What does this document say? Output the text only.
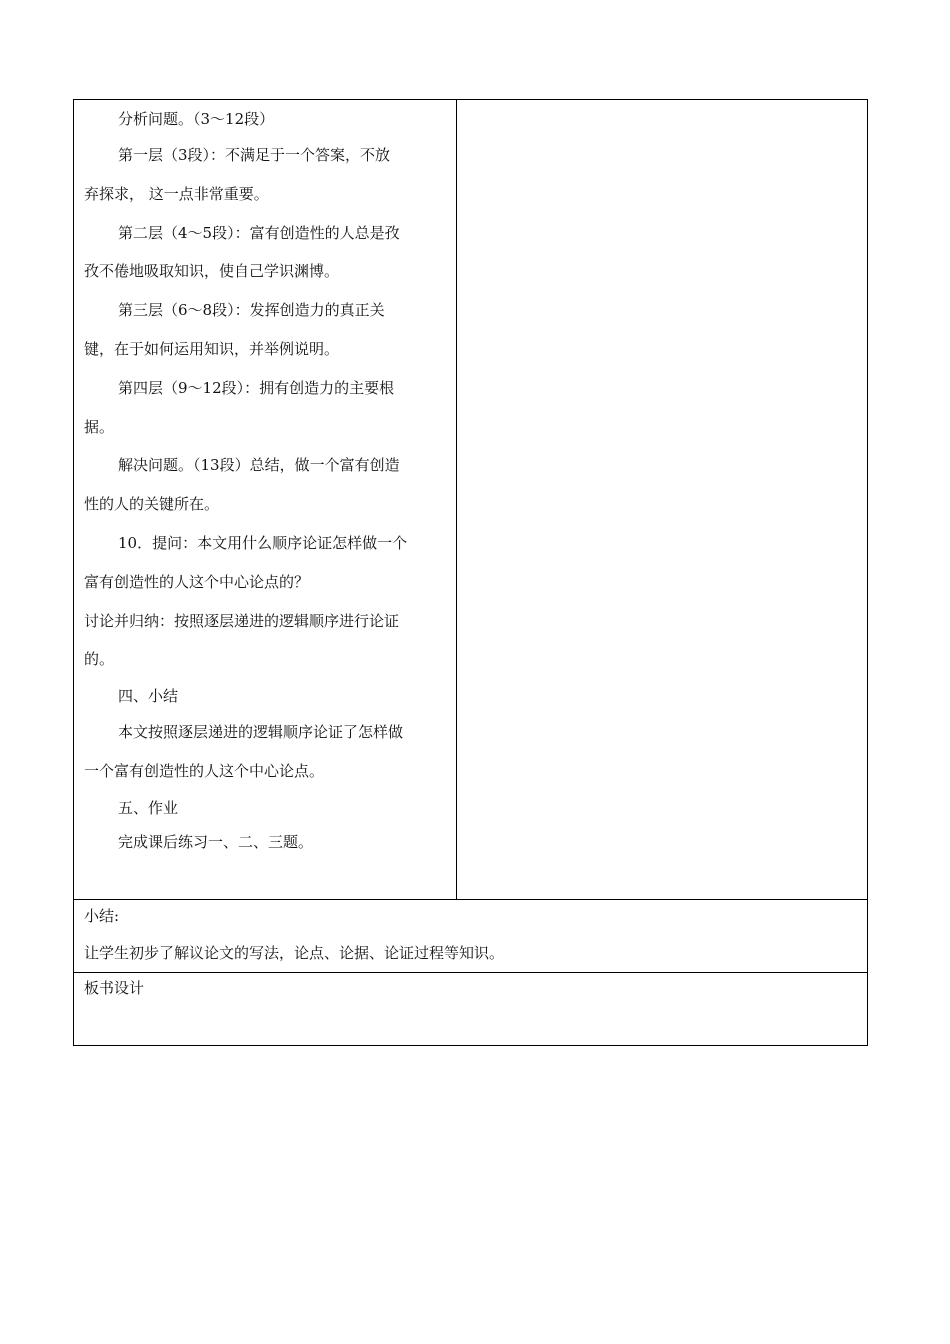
分析问题。（3～12段）
第一层（3段）：不满足于一个答案，不放
弃探求， 这一点非常重要。
第二层（4～5段）：富有创造性的人总是孜
孜不倦地吸取知识，使自己学识渊博。
第三层（6～8段）：发挥创造力的真正关
键，在于如何运用知识，并举例说明。
第四层（9～12段）：拥有创造力的主要根
据。
解决问题。（13段）总结，做一个富有创造
性的人的关键所在。
10．提问：本文用什么顺序论证怎样做一个
富有创造性的人这个中心论点的？
讨论并归纳：按照逐层递进的逻辑顺序进行论证
的。
四、小结
本文按照逐层递进的逻辑顺序论证了怎样做
一个富有创造性的人这个中心论点。
五、作业
完成课后练习一、二、三题。

小结:
让学生初步了解议论文的写法，论点、论据、论证过程等知识。

板书设计
